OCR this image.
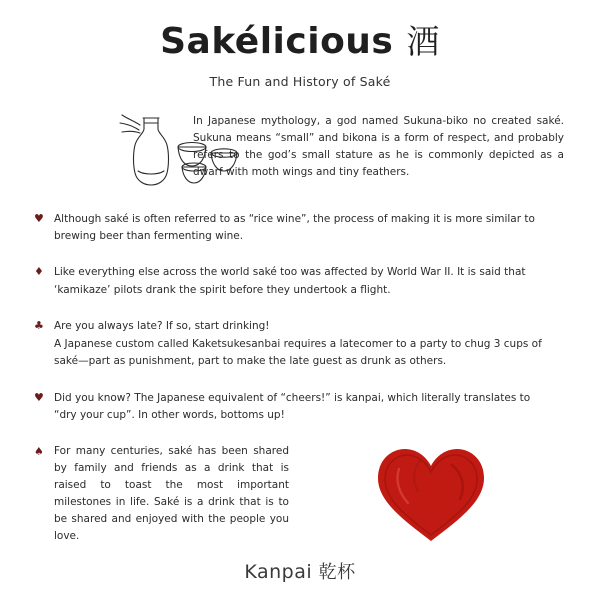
Sakélicious 酒
The Fun and History of Saké
In Japanese mythology, a god named Sukuna-biko no created saké. Sukuna means “small” and bikona is a form of respect, and probably refers to the god’s small stature as he is commonly depicted as a dwarf with moth wings and tiny feathers.
♥ Although saké is often referred to as “rice wine”, the process of making it is more similar to brewing beer than fermenting wine.

♦ Like everything else across the world saké too was affected by World War II. It is said that ‘kamikaze’ pilots drank the spirit before they undertook a flight.

♣ Are you always late? If so, start drinking!

A Japanese custom called Kaketsukesanbai requires a latecomer to a party to chug 3 cups of saké—part as punishment, part to make the late guest as drunk as others.

♥ Did you know? The Japanese equivalent of “cheers!” is kanpai, which literally translates to “dry your cup”. In other words, bottoms up!

♠ For many centuries, saké has been shared by family and friends as a drink that is raised to toast the most important milestones in life. Saké is a drink that is to be shared and enjoyed with the people you love.
Kanpai 乾杯
